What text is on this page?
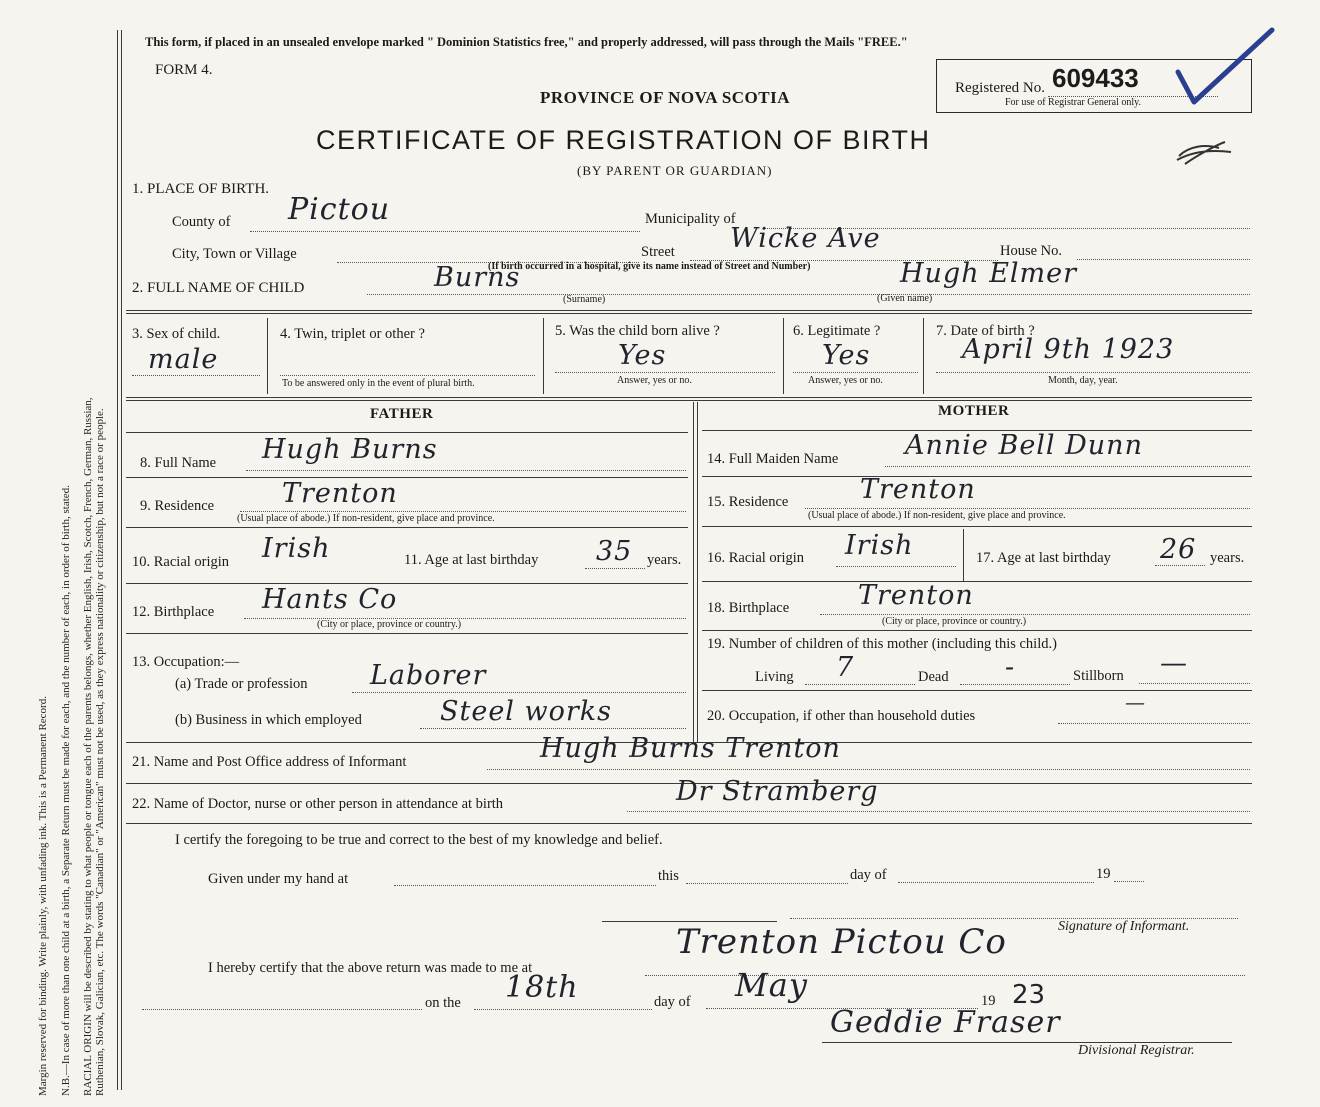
Margin reserved for binding. Write plainly, with unfading ink. This is a Permanent Record. N.B.—In case of more than one child at a birth, a Separate Return must be made for each, and the number of each, in order of birth, stated. RACIAL ORIGIN will be described by stating to what people or tongue each of the parents belongs, whether English, Irish, Scotch, French, German, Russian, Ruthenian, Slovak, Galician, etc. The words "Canadian" or "American" must not be used, as they express nationality or citizenship, but not a race or people.
This form, if placed in an unsealed envelope marked " Dominion Statistics free," and properly addressed, will pass through the Mails "FREE."
FORM 4.
PROVINCE OF NOVA SCOTIA
CERTIFICATE OF REGISTRATION OF BIRTH
(BY PARENT OR GUARDIAN)
Registered No. 609433
For use of Registrar General only.
1. PLACE OF BIRTH.
County of Pictou	Municipality of
City, Town or Village	Street Wicke Ave	House No.
(If birth occurred in a hospital, give its name instead of Street and Number)
2. FULL NAME OF CHILD	Burns
(Surname)
Hugh Elmer
(Given name)
3. Sex of child.
male
4. Twin, triplet or other ?
To be answered only in the event of plural birth.
5. Was the child born alive ?
Yes
Answer, yes or no.
6. Legitimate ?
Yes
Answer, yes or no.
7. Date of birth ?
April 9th 1923
Month, day, year.
FATHER	MOTHER
8. Full Name Hugh Burns
9. Residence	Trenton
(Usual place of abode.) If non-resident, give place and province.
10. Racial origin Irish	11. Age at last birthday 35 years.
12. Birthplace Hants Co
(City or place, province or country.)
13. Occupation:—
(a) Trade or profession Laborer
(b) Business in which employed	Steel works
14. Full Maiden Name Annie Bell Dunn
15. Residence	Trenton
(Usual place of abode.) If non-resident, give place and province.
16. Racial origin Irish	17. Age at last birthday 26 years.
18. Birthplace	Trenton
(City or place, province or country.)
19. Number of children of this mother (including this child.)
Living 7	Dead -	Stillborn —
20. Occupation, if other than household duties
—
21. Name and Post Office address of Informant	Hugh Burns Trenton
22. Name of Doctor, nurse or other person in attendance at birth	Dr Stramberg
I certify the foregoing to be true and correct to the best of my knowledge and belief.
Given under my hand at	this	day of	19
Signature of Informant.
I hereby certify that the above return was made to me at
Trenton Pictou Co
on the 18th	day of May	19 23
Geddie Fraser
Divisional Registrar.
